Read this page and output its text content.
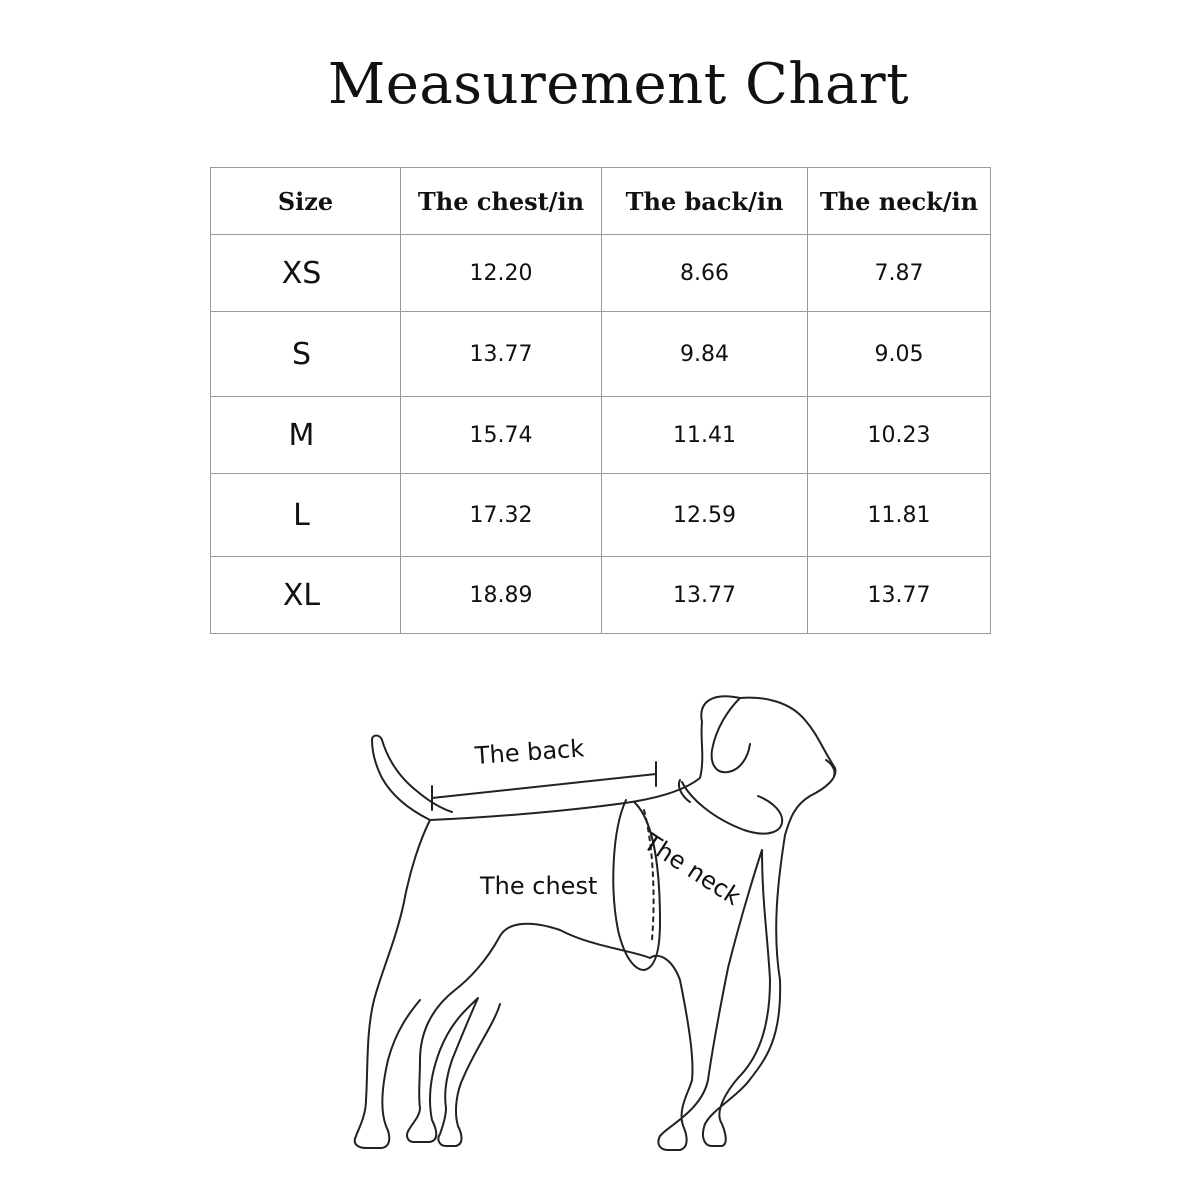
Measurement Chart
Size	The chest/in	The back/in	The neck/in
XS	12.20	8.66	7.87
S	13.77	9.84	9.05
M	15.74	11.41	10.23
L	17.32	12.59	11.81
XL	18.89	13.77	13.77
The back
The chest The neck
